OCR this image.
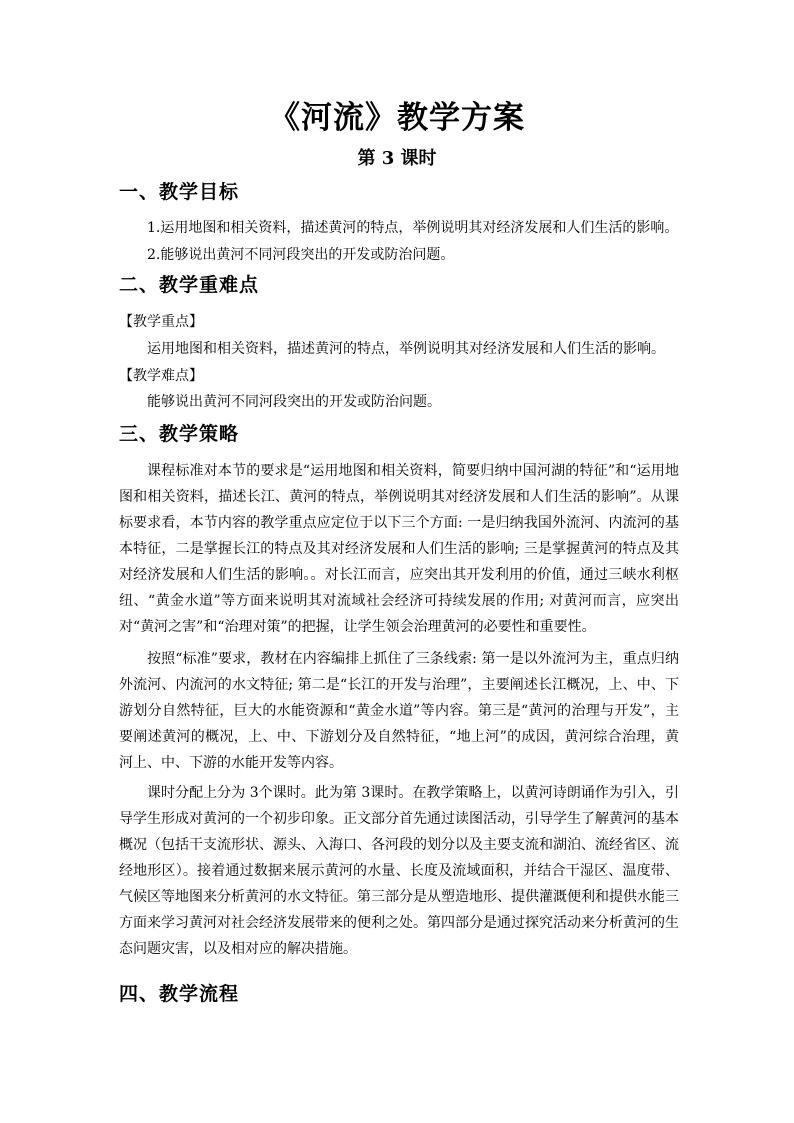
《河流》教学方案
第 3 课时
一、教学目标
1.运用地图和相关资料，描述黄河的特点，举例说明其对经济发展和人们生活的影响。
2.能够说出黄河不同河段突出的开发或防治问题。
二、教学重难点
【教学重点】
运用地图和相关资料，描述黄河的特点，举例说明其对经济发展和人们生活的影响。
【教学难点】
能够说出黄河不同河段突出的开发或防治问题。
三、教学策略

课程标准对本节的要求是“运用地图和相关资料，简要归纳中国河湖的特征”和“运用地图和相关资料，描述长江、黄河的特点，举例说明其对经济发展和人们生活的影响”。从课标要求看，本节内容的教学重点应定位于以下三个方面: 一是归纳我国外流河、内流河的基本特征，二是掌握长江的特点及其对经济发展和人们生活的影响; 三是掌握黄河的特点及其对经济发展和人们生活的影响。。对长江而言，应突出其开发利用的价值，通过三峡水利枢纽、“黄金水道”等方面来说明其对流域社会经济可持续发展的作用; 对黄河而言，应突出对“黄河之害”和“治理对策”的把握，让学生领会治理黄河的必要性和重要性。

按照“标准”要求，教材在内容编排上抓住了三条线索: 第一是以外流河为主，重点归纳外流河、内流河的水文特征; 第二是“长江的开发与治理”，主要阐述长江概况，上、中、下游划分自然特征，巨大的水能资源和“黄金水道”等内容。第三是“黄河的治理与开发”，主要阐述黄河的概况，上、中、下游划分及自然特征，“地上河”的成因，黄河综合治理，黄河上、中、下游的水能开发等内容。

课时分配上分为 3个课时。此为第 3课时。在教学策略上，以黄河诗朗诵作为引入，引导学生形成对黄河的一个初步印象。正文部分首先通过读图活动，引导学生了解黄河的基本概况（包括干支流形状、源头、入海口、各河段的划分以及主要支流和湖泊、流经省区、流经地形区）。接着通过数据来展示黄河的水量、长度及流域面积，并结合干湿区、温度带、气候区等地图来分析黄河的水文特征。第三部分是从塑造地形、提供灌溉便利和提供水能三方面来学习黄河对社会经济发展带来的便利之处。第四部分是通过探究活动来分析黄河的生态问题灾害，以及相对应的解决措施。

四、教学流程
